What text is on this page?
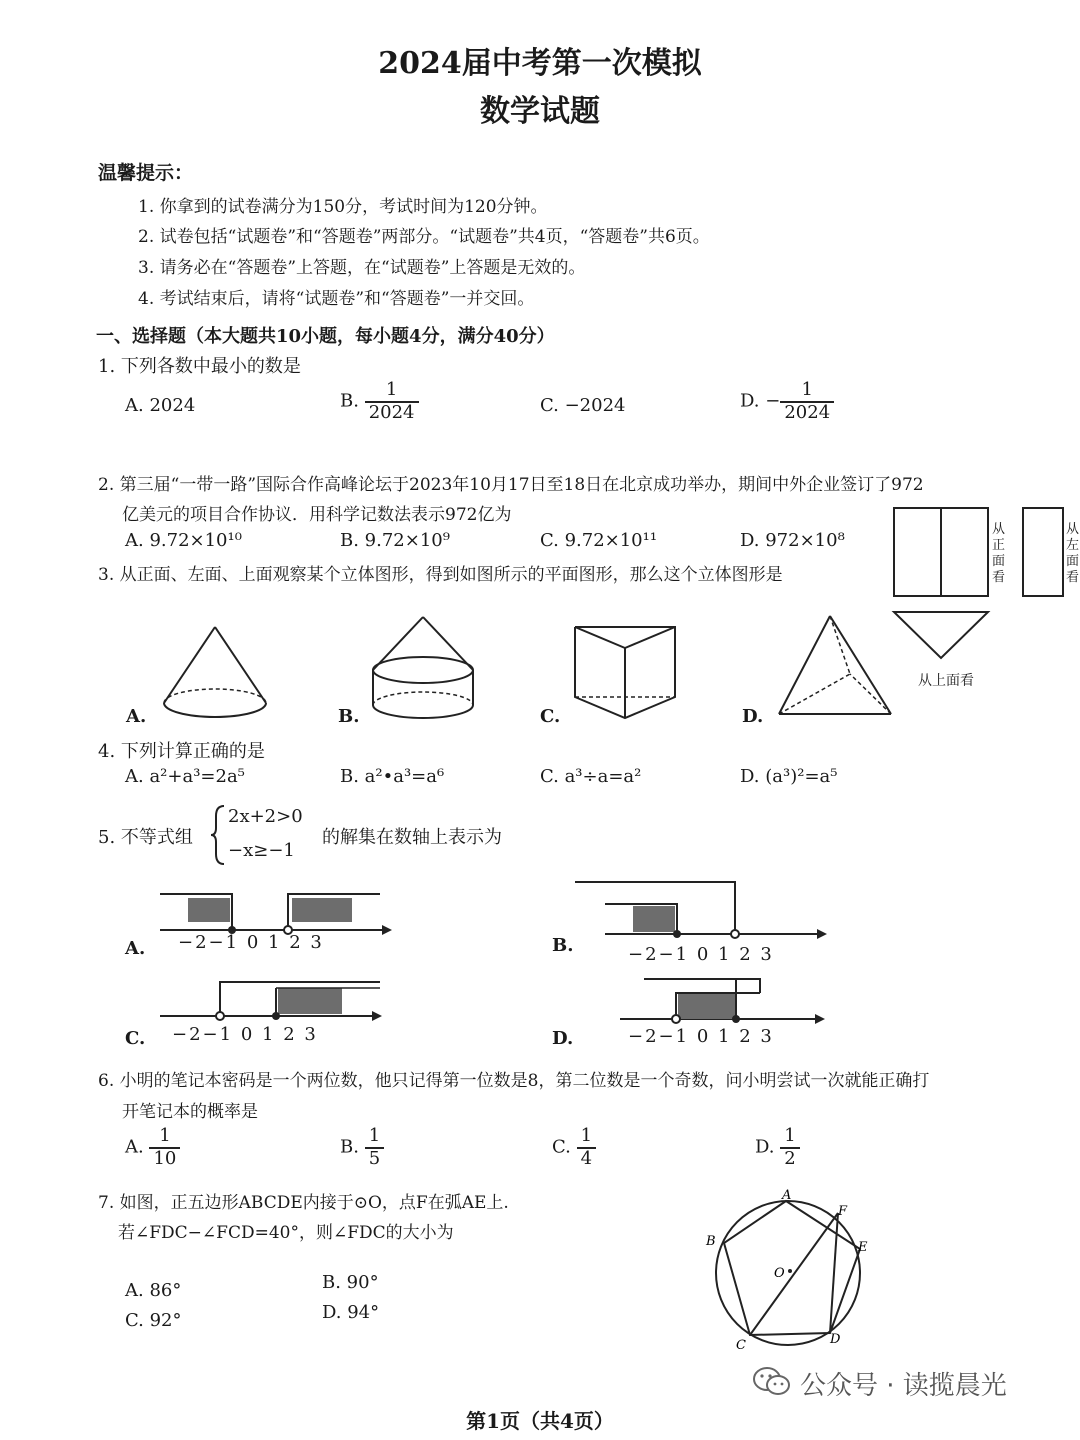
2024届中考第一次模拟
数学试题
温馨提示：
1. 你拿到的试卷满分为150分，考试时间为120分钟。
2. 试卷包括“试题卷”和“答题卷”两部分。“试题卷”共4页，“答题卷”共6页。
3. 请务必在“答题卷”上答题，在“试题卷”上答题是无效的。
4. 考试结束后，请将“试题卷”和“答题卷”一并交回。
一、选择题（本大题共10小题，每小题4分，满分40分）
1. 下列各数中最小的数是
A. 2024	B. $\frac{1}{2024}$	C. −2024	D. − $\frac{1}{2024}$
2. 第三届“一带一路”国际合作高峰论坛于2023年10月17日至18日在北京成功举办，期间中外企业签订了972
亿美元的项目合作协议．用科学记数法表示972亿为
A. 9.72×10¹⁰	B. 9.72×10⁹	C. 9.72×10¹¹	D. 972×10⁸
3. 从正面、左面、上面观察某个立体图形，得到如图所示的平面图形，那么这个立体图形是
从正面看
从左面看
从上面看
A.	B.	C.	D.
4. 下列计算正确的是
A. a²+a³=2a⁵	B. a²•a³=a⁶	C. a³÷a=a²	D. (a³)²=a⁵
5. 不等式组
2x+2>0
−x≥−1
的解集在数轴上表示为
A. −2−1 0 1 2 3	B.	−2−1 0 1 2 3
C. −2−1 0 1 2 3	D.	−2−1 0 1 2 3
6. 小明的笔记本密码是一个两位数，他只记得第一位数是8，第二位数是一个奇数，问小明尝试一次就能正确打
开笔记本的概率是
A. $\frac{1}{10}$	B. $\frac{1}{5}$	C. $\frac{1}{4}$	D. $\frac{1}{2}$
7. 如图，正五边形ABCDE内接于⊙O，点F在弧AE上.
若∠FDC−∠FCD=40°，则∠FDC的大小为
A. 86°	B. 90°
C. 92°	D. 94°
A
B
C	D
E
F
O
第1页（共4页）
公众号 · 读揽晨光
